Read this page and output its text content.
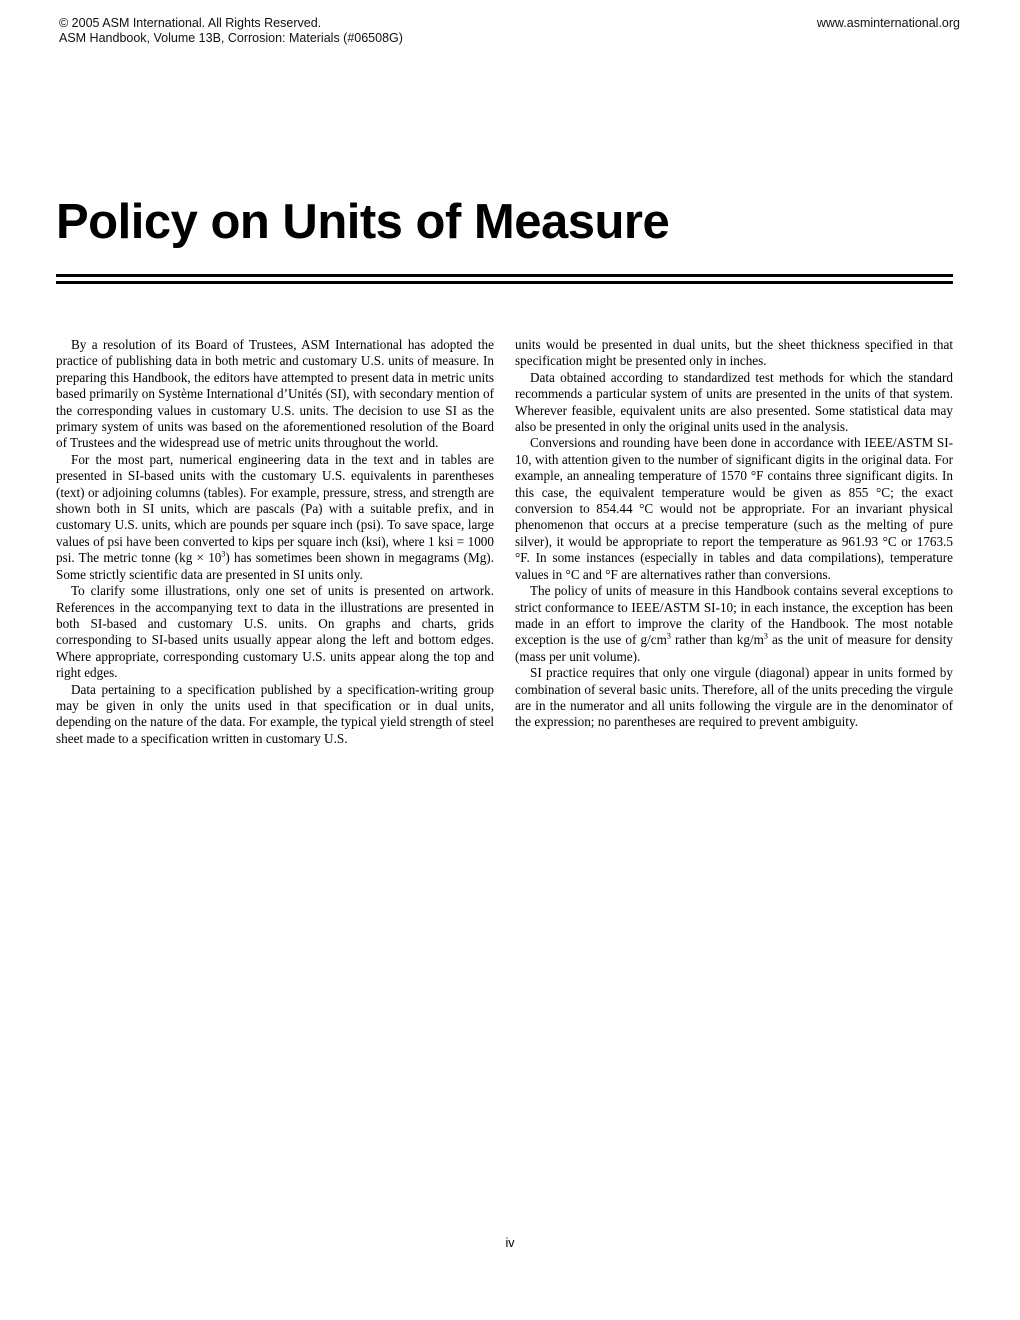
© 2005 ASM International. All Rights Reserved.
ASM Handbook, Volume 13B, Corrosion: Materials (#06508G)
www.asminternational.org
Policy on Units of Measure

By a resolution of its Board of Trustees, ASM International has adopted the practice of publishing data in both metric and customary U.S. units of measure. In preparing this Handbook, the editors have attempted to present data in metric units based primarily on Système International d’Unités (SI), with secondary mention of the corresponding values in customary U.S. units. The decision to use SI as the primary system of units was based on the aforementioned resolution of the Board of Trustees and the widespread use of metric units throughout the world.

For the most part, numerical engineering data in the text and in tables are presented in SI-based units with the customary U.S. equivalents in parentheses (text) or adjoining columns (tables). For example, pressure, stress, and strength are shown both in SI units, which are pascals (Pa) with a suitable prefix, and in customary U.S. units, which are pounds per square inch (psi). To save space, large values of psi have been converted to kips per square inch (ksi), where 1 ksi = 1000 psi. The metric tonne $(kg \times 10^3)$ has sometimes been shown in megagrams (Mg). Some strictly scientific data are presented in SI units only.

To clarify some illustrations, only one set of units is presented on artwork. References in the accompanying text to data in the illustrations are presented in both SI-based and customary U.S. units. On graphs and charts, grids corresponding to SI-based units usually appear along the left and bottom edges. Where appropriate, corresponding customary U.S. units appear along the top and right edges.

Data pertaining to a specification published by a specification-writing group may be given in only the units used in that specification or in dual units, depending on the nature of the data. For example, the typical yield strength of steel sheet made to a specification written in customary U.S.

units would be presented in dual units, but the sheet thickness specified in that specification might be presented only in inches.

Data obtained according to standardized test methods for which the standard recommends a particular system of units are presented in the units of that system. Wherever feasible, equivalent units are also presented. Some statistical data may also be presented in only the original units used in the analysis.

Conversions and rounding have been done in accordance with IEEE/ASTM SI-10, with attention given to the number of significant digits in the original data. For example, an annealing temperature of 1570 °F contains three significant digits. In this case, the equivalent temperature would be given as 855 °C; the exact conversion to 854.44 °C would not be appropriate. For an invariant physical phenomenon that occurs at a precise temperature (such as the melting of pure silver), it would be appropriate to report the temperature as 961.93 °C or 1763.5 °F. In some instances (especially in tables and data compilations), temperature values in °C and °F are alternatives rather than conversions.

The policy of units of measure in this Handbook contains several exceptions to strict conformance to IEEE/ASTM SI-10; in each instance, the exception has been made in an effort to improve the clarity of the Handbook. The most notable exception is the use of $g/cm^3$ rather than $kg/m^3$ as the unit of measure for density (mass per unit volume).

SI practice requires that only one virgule (diagonal) appear in units formed by combination of several basic units. Therefore, all of the units preceding the virgule are in the numerator and all units following the virgule are in the denominator of the expression; no parentheses are required to prevent ambiguity.

iv
